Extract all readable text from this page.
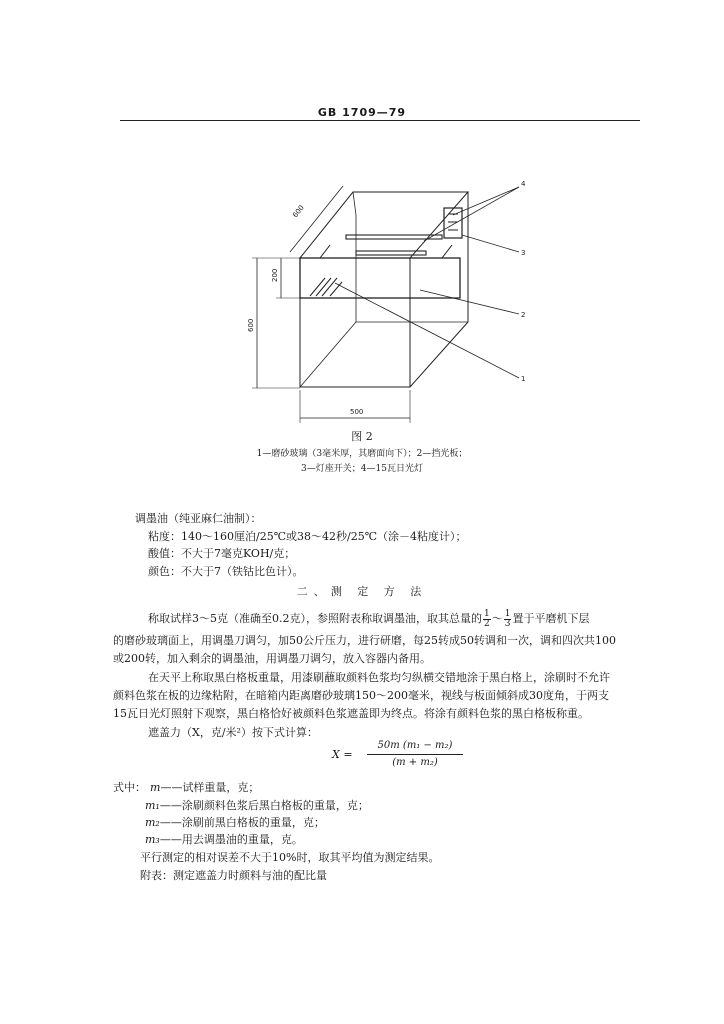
GB 1709—79
600
600
200
500
4
3
2
1
图 2
1—磨砂玻璃（3毫米厚，其磨面向下）；2—挡光板；
3—灯座开关；4—15瓦日光灯
调墨油（纯亚麻仁油制）：
粘度：140～160厘泊/25℃或38～42秒/25℃（涂－4粘度计）；
酸值：不大于7毫克KOH/克；
颜色：不大于7（铁钴比色计）。
二、测 定 方 法
称取试样3～5克（准确至0.2克），参照附表称取调墨油，取其总量的 $\frac{1}{2}$ ～ $\frac{1}{3}$ 置于平磨机下层
的磨砂玻璃面上，用调墨刀调匀，加50公斤压力，进行研磨，每25转成50转调和一次，调和四次共100
或200转，加入剩余的调墨油，用调墨刀调匀，放入容器内备用。
在天平上称取黑白格板重量，用漆刷蘸取颜料色浆均匀纵横交错地涂于黑白格上，涂刷时不允许
颜料色浆在板的边缘粘附，在暗箱内距离磨砂玻璃150～200毫米，视线与板面倾斜成30度角，于两支
15瓦日光灯照射下观察，黑白格恰好被颜料色浆遮盖即为终点。将涂有颜料色浆的黑白格板称重。
遮盖力（X，克/米²）按下式计算：
X =
50m (m₁ − m₂)
(m + m₂)
式中： m——试样重量，克；
m₁——涂刷颜料色浆后黑白格板的重量，克；
m₂——涂刷前黑白格板的重量，克；
m₃——用去调墨油的重量，克。
平行测定的相对误差不大于10%时，取其平均值为测定结果。
附表：测定遮盖力时颜料与油的配比量
